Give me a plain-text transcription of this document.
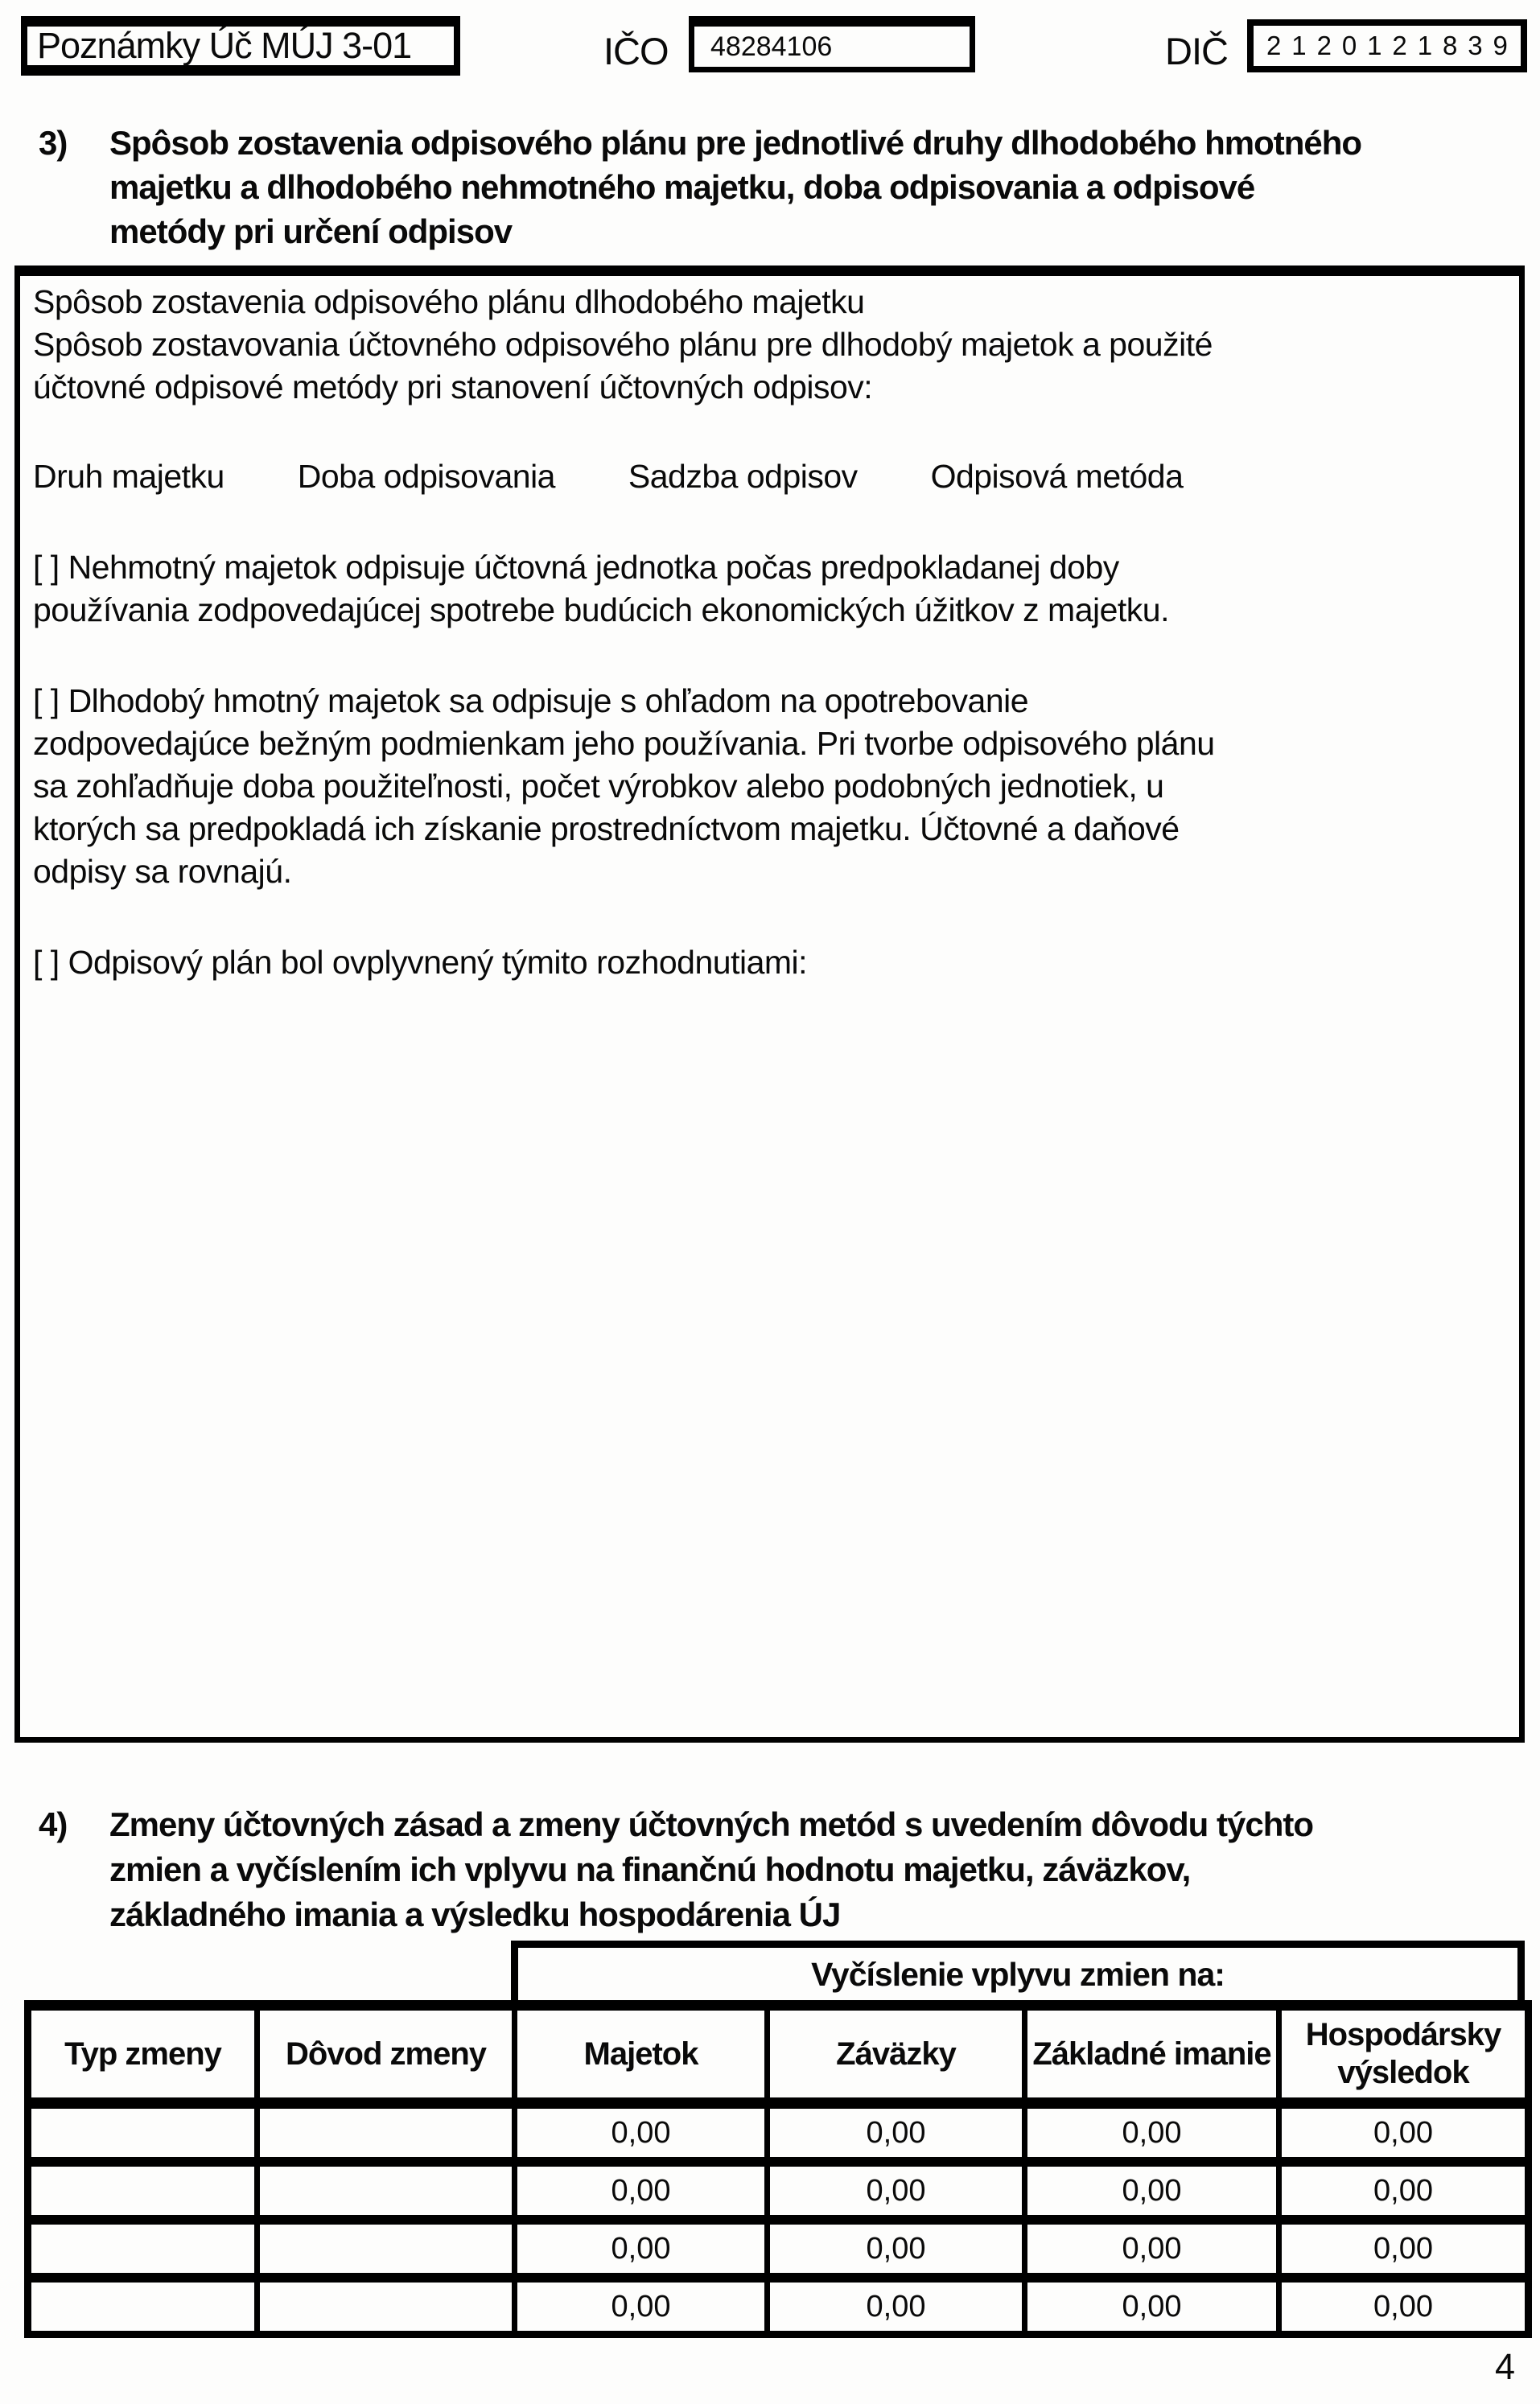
Poznámky Úč MÚJ 3-01	IČO 48284106	DIČ 2 1 2 0 1 2 1 8 3 9
3)	Spôsob zostavenia odpisového plánu pre jednotlivé druhy dlhodobého hmotného
majetku a dlhodobého nehmotného majetku, doba odpisovania a odpisové
metódy pri určení odpisov
Spôsob zostavenia odpisového plánu dlhodobého majetku
Spôsob zostavovania účtovného odpisového plánu pre dlhodobý majetok a použité
účtovné odpisové metódy pri stanovení účtovných odpisov:
Druh majetku Doba odpisovania Sadzba odpisov Odpisová metóda
[ ] Nehmotný majetok odpisuje účtovná jednotka počas predpokladanej doby
používania zodpovedajúcej spotrebe budúcich ekonomických úžitkov z majetku.
[ ] Dlhodobý hmotný majetok sa odpisuje s ohľadom na opotrebovanie
zodpovedajúce bežným podmienkam jeho používania. Pri tvorbe odpisového plánu
sa zohľadňuje doba použiteľnosti, počet výrobkov alebo podobných jednotiek, u
ktorých sa predpokladá ich získanie prostredníctvom majetku. Účtovné a daňové
odpisy sa rovnajú.
[ ] Odpisový plán bol ovplyvnený týmito rozhodnutiami:
4)	Zmeny účtovných zásad a zmeny účtovných metód s uvedením dôvodu týchto
zmien a vyčíslením ich vplyvu na finančnú hodnotu majetku, záväzkov,
základného imania a výsledku hospodárenia ÚJ
Vyčíslenie vplyvu zmien na:
Typ zmeny	Dôvod zmeny	Majetok	Záväzky	Základné imanie	Hospodársky výsledok
		0,00	0,00	0,00	0,00
		0,00	0,00	0,00	0,00
		0,00	0,00	0,00	0,00
		0,00	0,00	0,00	0,00
4
